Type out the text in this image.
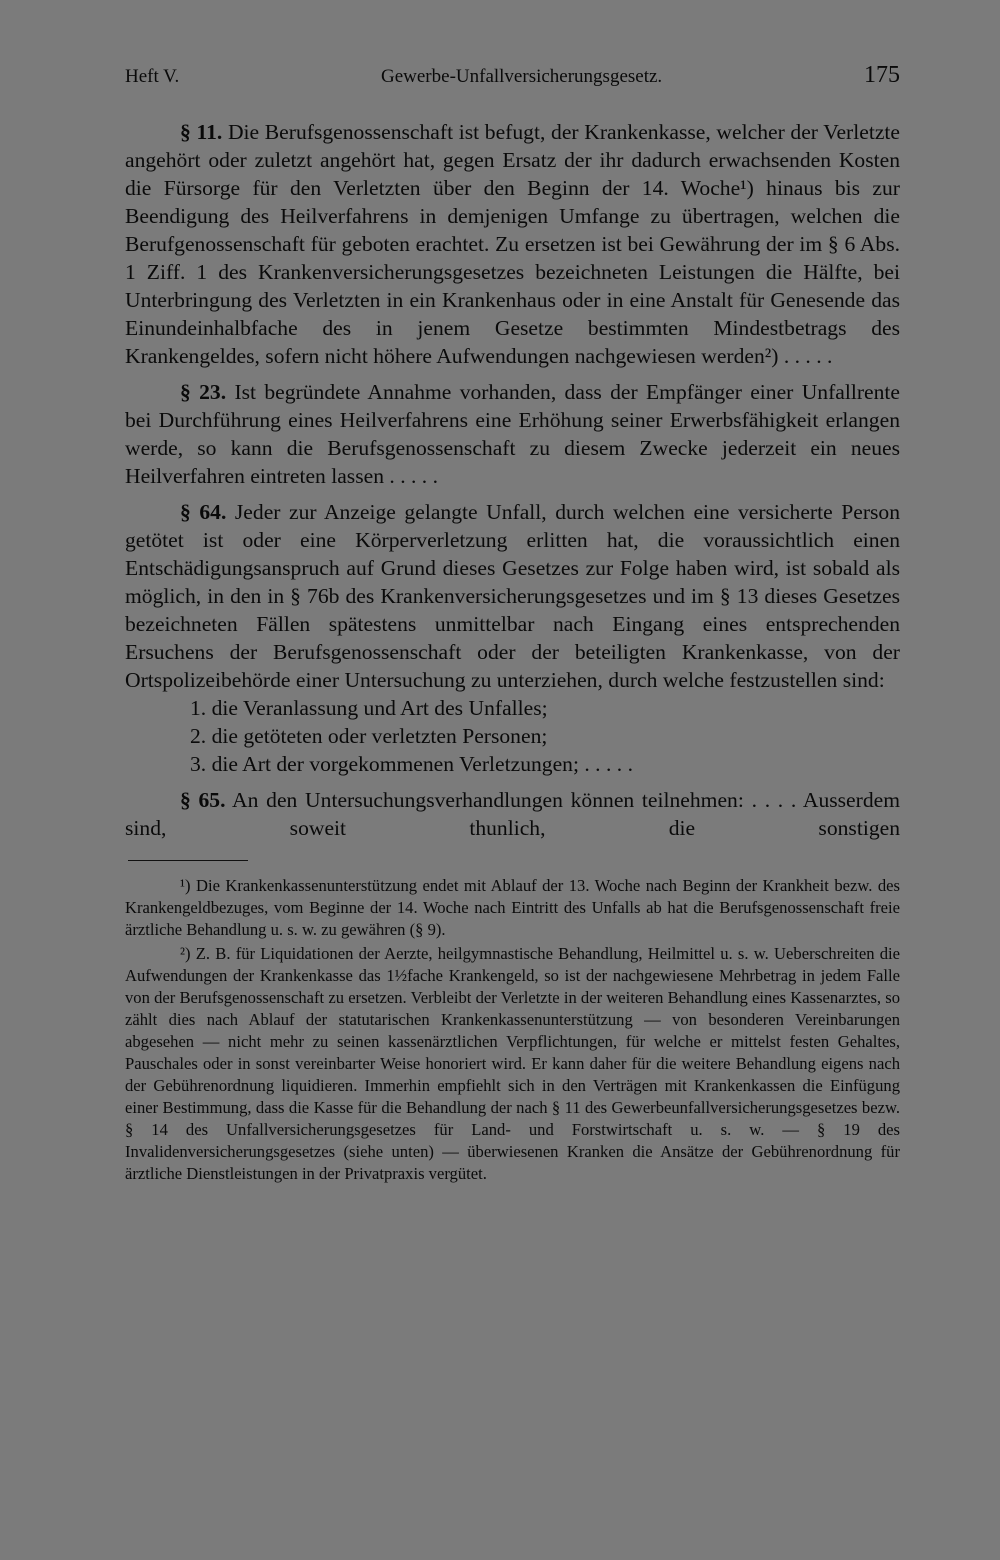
Heft V.	Gewerbe-Unfallversicherungsgesetz.	175

§ 11. Die Berufsgenossenschaft ist befugt, der Krankenkasse, welcher der Verletzte angehört oder zuletzt angehört hat, gegen Ersatz der ihr dadurch erwachsenden Kosten die Fürsorge für den Verletzten über den Beginn der 14. Woche¹) hinaus bis zur Beendigung des Heilverfahrens in demjenigen Umfange zu übertragen, welchen die Berufgenossenschaft für geboten erachtet. Zu ersetzen ist bei Gewährung der im § 6 Abs. 1 Ziff. 1 des Krankenversicherungsgesetzes bezeichneten Leistungen die Hälfte, bei Unterbringung des Verletzten in ein Krankenhaus oder in eine Anstalt für Genesende das Einundeinhalbfache des in jenem Gesetze bestimmten Mindestbetrags des Krankengeldes, sofern nicht höhere Aufwendungen nachgewiesen werden²) . . . . .

§ 23. Ist begründete Annahme vorhanden, dass der Empfänger einer Unfallrente bei Durchführung eines Heilverfahrens eine Erhöhung seiner Erwerbsfähigkeit erlangen werde, so kann die Berufsgenossenschaft zu diesem Zwecke jederzeit ein neues Heilverfahren eintreten lassen . . . . .

§ 64. Jeder zur Anzeige gelangte Unfall, durch welchen eine versicherte Person getötet ist oder eine Körperverletzung erlitten hat, die voraussichtlich einen Entschädigungsanspruch auf Grund dieses Gesetzes zur Folge haben wird, ist sobald als möglich, in den in § 76b des Krankenversicherungsgesetzes und im § 13 dieses Gesetzes bezeichneten Fällen spätestens unmittelbar nach Eingang eines entsprechenden Ersuchens der Berufsgenossenschaft oder der beteiligten Krankenkasse, von der Ortspolizeibehörde einer Untersuchung zu unterziehen, durch welche festzustellen sind:

1. die Veranlassung und Art des Unfalles;
2. die getöteten oder verletzten Personen;
3. die Art der vorgekommenen Verletzungen; . . . . .

§ 65. An den Untersuchungsverhandlungen können teilnehmen: . . . . Ausserdem sind, soweit thunlich, die sonstigen

¹) Die Krankenkassenunterstützung endet mit Ablauf der 13. Woche nach Beginn der Krankheit bezw. des Krankengeldbezuges, vom Beginne der 14. Woche nach Eintritt des Unfalls ab hat die Berufsgenossenschaft freie ärztliche Behandlung u. s. w. zu gewähren (§ 9).

²) Z. B. für Liquidationen der Aerzte, heilgymnastische Behandlung, Heilmittel u. s. w. Ueberschreiten die Aufwendungen der Krankenkasse das 1½fache Krankengeld, so ist der nachgewiesene Mehrbetrag in jedem Falle von der Berufsgenossenschaft zu ersetzen. Verbleibt der Verletzte in der weiteren Behandlung eines Kassenarztes, so zählt dies nach Ablauf der statutarischen Krankenkassenunterstützung — von besonderen Vereinbarungen abgesehen — nicht mehr zu seinen kassenärztlichen Verpflichtungen, für welche er mittelst festen Gehaltes, Pauschales oder in sonst vereinbarter Weise honoriert wird. Er kann daher für die weitere Behandlung eigens nach der Gebührenordnung liquidieren. Immerhin empfiehlt sich in den Verträgen mit Krankenkassen die Einfügung einer Bestimmung, dass die Kasse für die Behandlung der nach § 11 des Gewerbeunfallversicherungsgesetzes bezw. § 14 des Unfallversicherungsgesetzes für Land- und Forstwirtschaft u. s. w. — § 19 des Invalidenversicherungsgesetzes (siehe unten) — überwiesenen Kranken die Ansätze der Gebührenordnung für ärztliche Dienstleistungen in der Privatpraxis vergütet.
